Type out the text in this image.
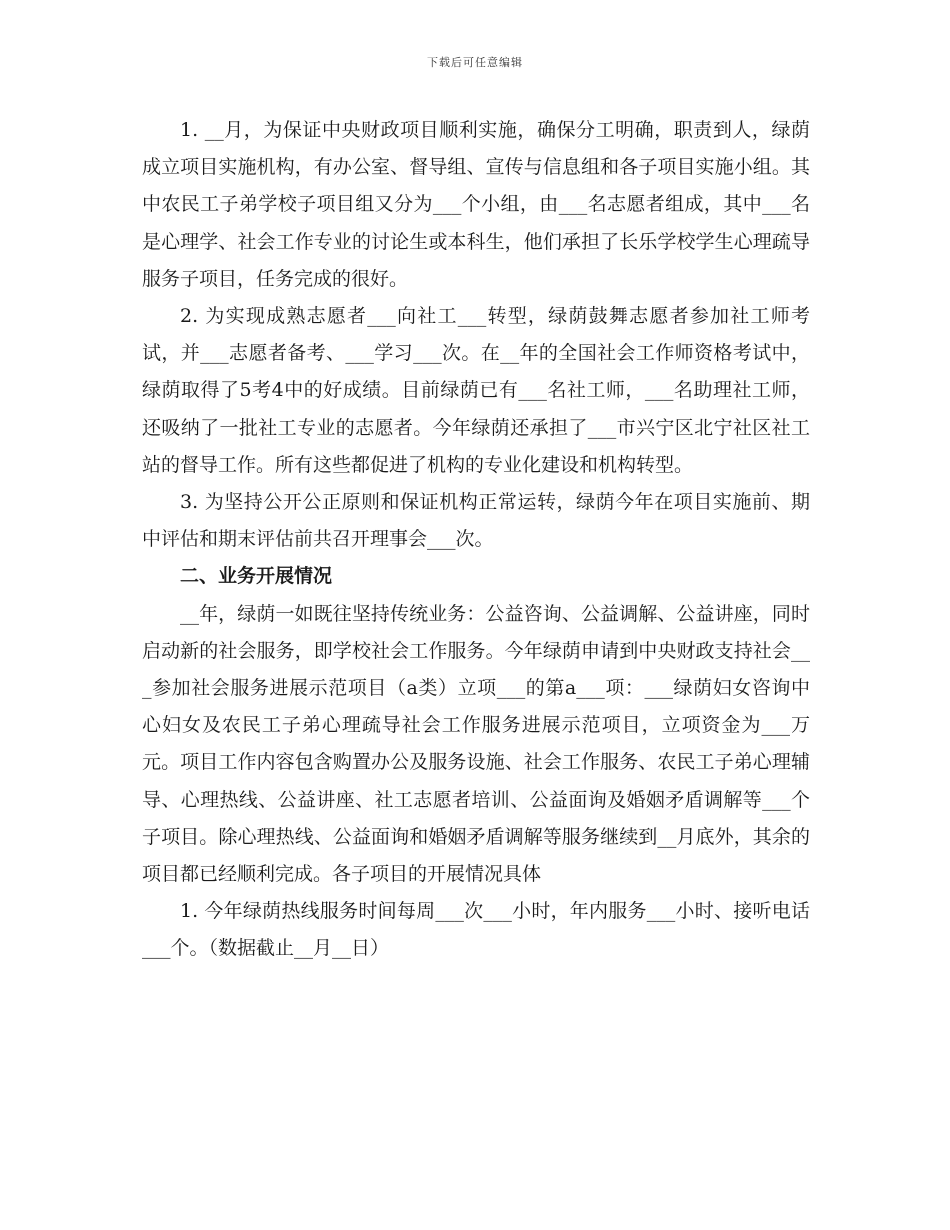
下载后可任意编辑

1. __月，为保证中央财政项目顺利实施，确保分工明确，职责到人，绿荫成立项目实施机构，有办公室、督导组、宣传与信息组和各子项目实施小组。其中农民工子弟学校子项目组又分为___个小组，由___名志愿者组成，其中___名是心理学、社会工作专业的讨论生或本科生，他们承担了长乐学校学生心理疏导服务子项目，任务完成的很好。

2. 为实现成熟志愿者___向社工___转型，绿荫鼓舞志愿者参加社工师考试，并___志愿者备考、___学习___次。在__年的全国社会工作师资格考试中，绿荫取得了5考4中的好成绩。目前绿荫已有___名社工师，___名助理社工师，还吸纳了一批社工专业的志愿者。今年绿荫还承担了___市兴宁区北宁社区社工站的督导工作。所有这些都促进了机构的专业化建设和机构转型。

3. 为坚持公开公正原则和保证机构正常运转，绿荫今年在项目实施前、期中评估和期末评估前共召开理事会___次。

二、业务开展情况

__年，绿荫一如既往坚持传统业务：公益咨询、公益调解、公益讲座，同时启动新的社会服务，即学校社会工作服务。今年绿荫申请到中央财政支持社会___参加社会服务进展示范项目（a类）立项___的第a___项：___绿荫妇女咨询中心妇女及农民工子弟心理疏导社会工作服务进展示范项目，立项资金为___万元。项目工作内容包含购置办公及服务设施、社会工作服务、农民工子弟心理辅导、心理热线、公益讲座、社工志愿者培训、公益面询及婚姻矛盾调解等___个子项目。除心理热线、公益面询和婚姻矛盾调解等服务继续到__月底外，其余的项目都已经顺利完成。各子项目的开展情况具体

1. 今年绿荫热线服务时间每周___次___小时，年内服务___小时、接听电话___个。（数据截止__月__日）
